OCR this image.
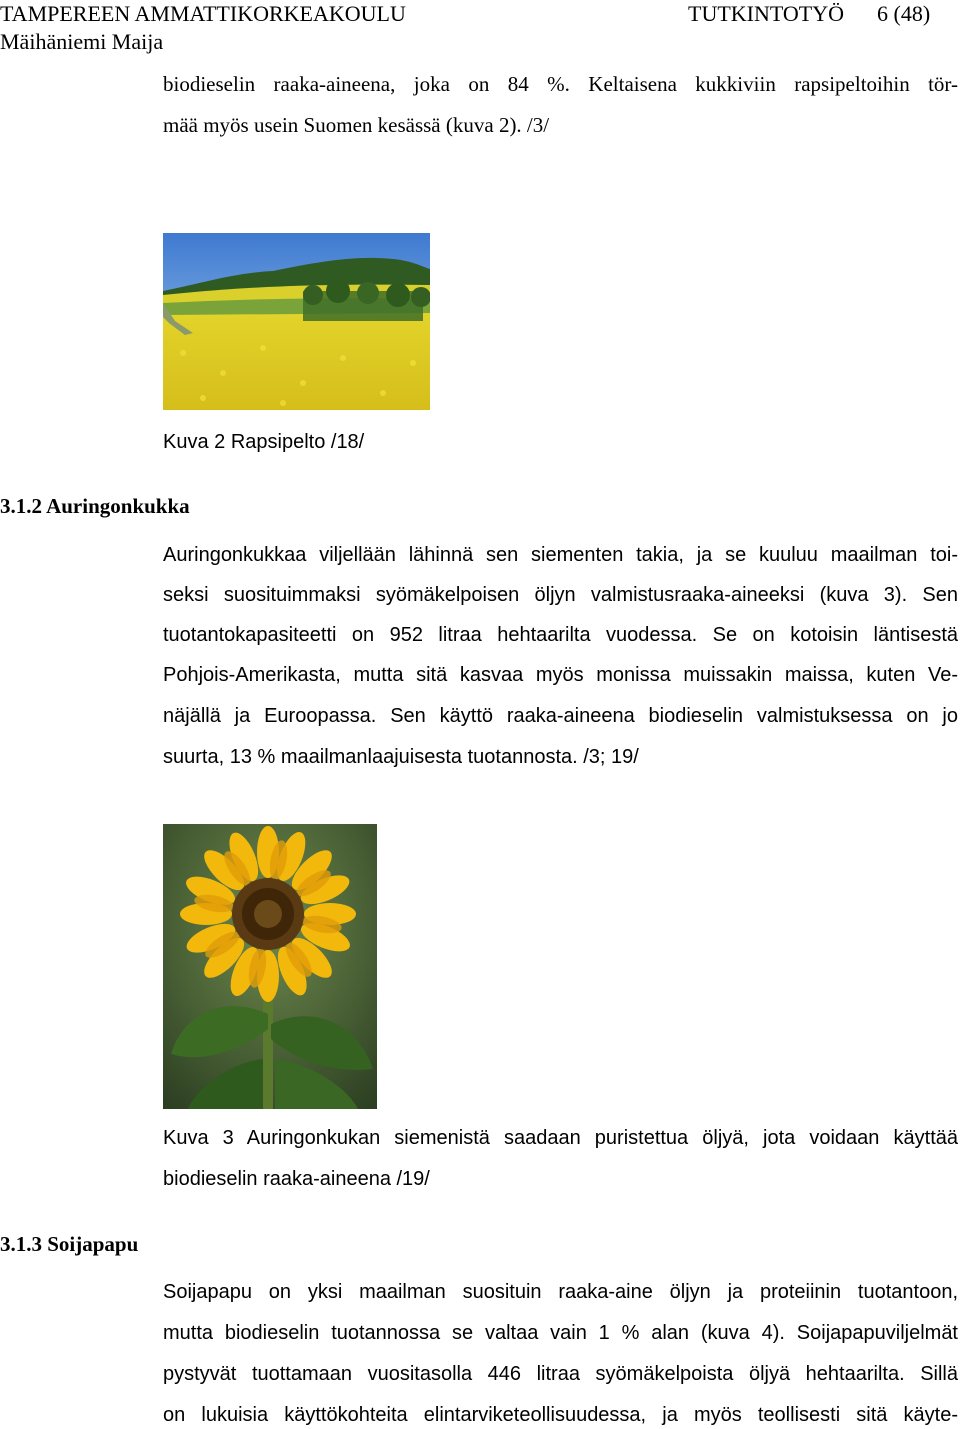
TAMPEREEN AMMATTIKORKEAKOULU	TUTKINTOTYÖ 6 (48)
Mäihäniemi Maija
biodieselin raaka-aineena, joka on 84 %. Keltaisena kukkiviin rapsipeltoihin tör-
mää myös usein Suomen kesässä (kuva 2). /3/
Kuva 2 Rapsipelto /18/
3.1.2 Auringonkukka
Auringonkukkaa viljellään lähinnä sen siementen takia, ja se kuuluu maailman toi-
seksi suosituimmaksi syömäkelpoisen öljyn valmistusraaka-aineeksi (kuva 3). Sen
tuotantokapasiteetti on 952 litraa hehtaarilta vuodessa. Se on kotoisin läntisestä
Pohjois-Amerikasta, mutta sitä kasvaa myös monissa muissakin maissa, kuten Ve-
näjällä ja Euroopassa. Sen käyttö raaka-aineena biodieselin valmistuksessa on jo
suurta, 13 % maailmanlaajuisesta tuotannosta. /3; 19/
Kuva 3 Auringonkukan siemenistä saadaan puristettua öljyä, jota voidaan käyttää
biodieselin raaka-aineena /19/
3.1.3 Soijapapu
Soijapapu on yksi maailman suosituin raaka-aine öljyn ja proteiinin tuotantoon,
mutta biodieselin tuotannossa se valtaa vain 1 % alan (kuva 4). Soijapapuviljelmät
pystyvät tuottamaan vuositasolla 446 litraa syömäkelpoista öljyä hehtaarilta. Sillä
on lukuisia käyttökohteita elintarviketeollisuudessa, ja myös teollisesti sitä käyte-
